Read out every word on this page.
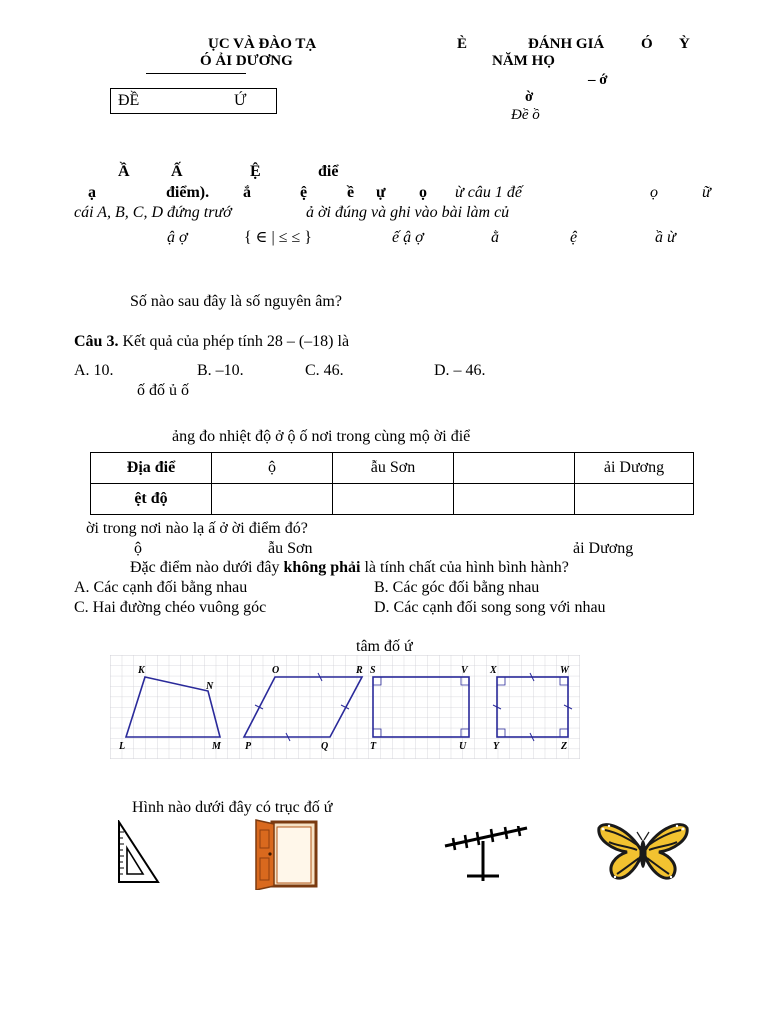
ỤC VÀ ĐÀO TẠ
Ó ẢI DƯƠNG
È	ĐÁNH GIÁ Ó Ỳ
NĂM HỌ
– ớ
ờ
Đề ồ
ĐỀ	Ứ
Ầ	Ấ	Ệ	điể
ạ	điểm). ắ	ệ ề ự ọ ừ câu 1 đế	ọ	ữ
cái A, B, C, D đứng trướ	ả ời đúng và ghi vào bài làm củ
ậ ợ	{ ∈ | ≤ ≤ }	ế ậ ợ	ằ	ệ	ầ ừ
Số nào sau đây là số nguyên âm?
Câu 3. Kết quả của phép tính 28 – (–18) là
A. 10.	B. –10.	C. 46.	D. – 46.
ố đố ủ ố
ảng đo nhiệt độ ở ộ ố nơi trong cùng mộ ời điể
Địa điể	ộ	ẫu Sơn		ải Dương
ệt độ				
ời trong nơi nào lạ ấ ở ời điểm đó?
ộ	ẫu Sơn	ải Dương
Đặc điểm nào dưới đây không phải là tính chất của hình bình hành?
A. Các cạnh đối bằng nhau	B. Các góc đối bằng nhau
C. Hai đường chéo vuông góc	D. Các cạnh đối song song với nhau
tâm đố ứ
K
N
L	M
O	R
P	Q
S	V
T	U
X	W
Y	Z
Hình nào dưới đây có trục đố ứ
